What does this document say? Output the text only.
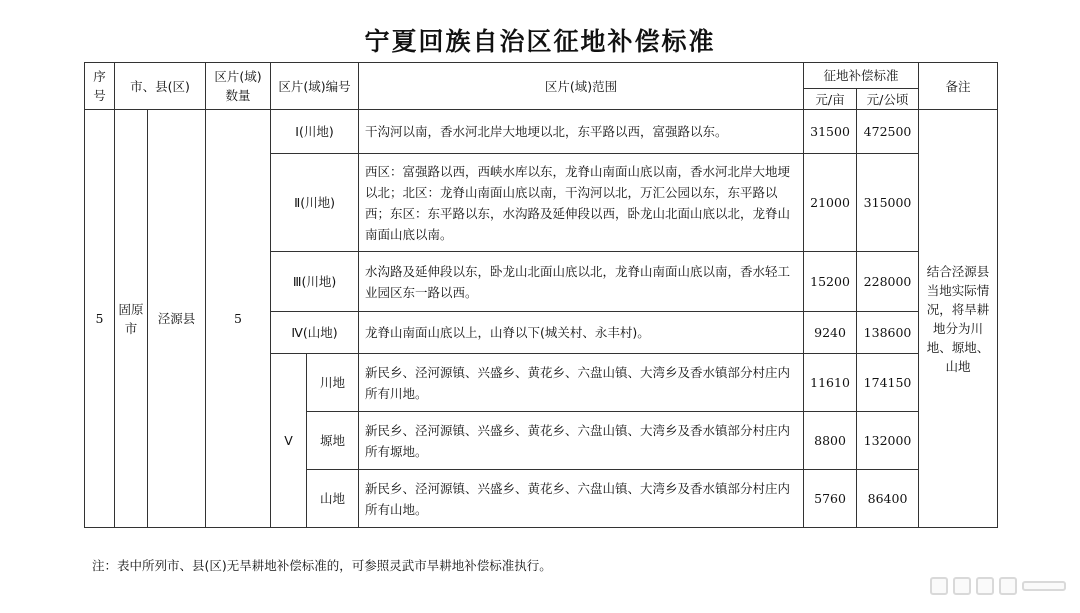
宁夏回族自治区征地补偿标准
序号	市、县(区)		区片(域)数量	区片(域)编号		区片(域)范围	征地补偿标准		备注
							元/亩	元/公顷	
5	固原市	泾源县	5	Ⅰ(川地)		干沟河以南，香水河北岸大地埂以北，东平路以西，富强路以东。	31500	472500	结合泾源县当地实际情况，将旱耕地分为川地、塬地、山地
				Ⅱ(川地)		西区：富强路以西，西峡水库以东，龙脊山南面山底以南，香水河北岸大地埂以北；北区：龙脊山南面山底以南，干沟河以北，万汇公园以东，东平路以西；东区：东平路以东，水沟路及延伸段以西，卧龙山北面山底以北，龙脊山南面山底以南。	21000	315000	
				Ⅲ(川地)		水沟路及延伸段以东，卧龙山北面山底以北，龙脊山南面山底以南，香水轻工业园区东一路以西。	15200	228000	
				Ⅳ(山地)		龙脊山南面山底以上，山脊以下(城关村、永丰村)。	9240	138600	
				Ⅴ	川地	新民乡、泾河源镇、兴盛乡、黄花乡、六盘山镇、大湾乡及香水镇部分村庄内所有川地。	11610	174150	
					塬地	新民乡、泾河源镇、兴盛乡、黄花乡、六盘山镇、大湾乡及香水镇部分村庄内所有塬地。	8800	132000	
					山地	新民乡、泾河源镇、兴盛乡、黄花乡、六盘山镇、大湾乡及香水镇部分村庄内所有山地。	5760	86400	
注：表中所列市、县(区)无旱耕地补偿标准的，可参照灵武市旱耕地补偿标准执行。
